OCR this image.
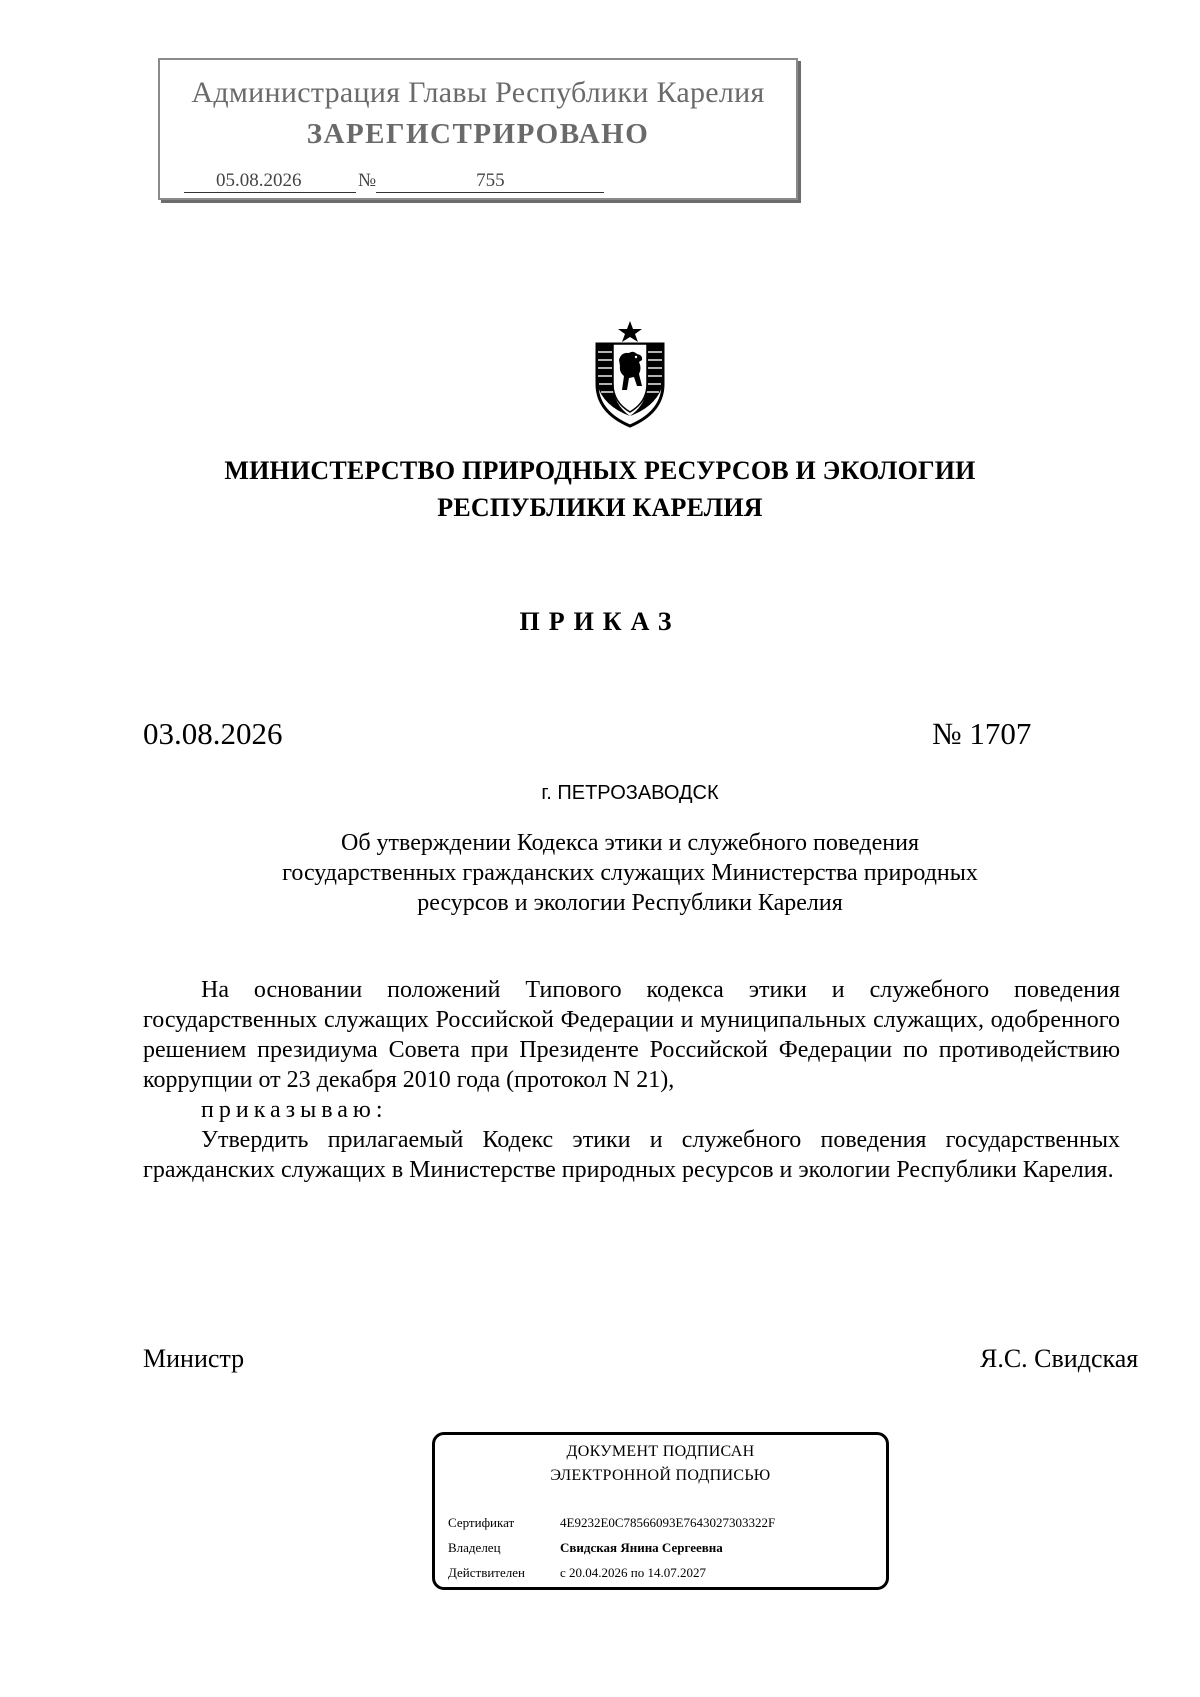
Администрация Главы Республики Карелия
ЗАРЕГИСТРИРОВАНО
05.08.2026	№	755
МИНИСТЕРСТВО ПРИРОДНЫХ РЕСУРСОВ И ЭКОЛОГИИ
РЕСПУБЛИКИ КАРЕЛИЯ
ПРИКАЗ
03.08.2026	№ 1707
г. ПЕТРОЗАВОДСК
Об утверждении Кодекса этики и служебного поведения
государственных гражданских служащих Министерства природных
ресурсов и экологии Республики Карелия

На основании положений Типового кодекса этики и служебного поведения государственных служащих Российской Федерации и муниципальных служащих, одобренного решением президиума Совета при Президенте Российской Федерации по противодействию коррупции от 23 декабря 2010 года (протокол N 21),

приказываю:

Утвердить прилагаемый Кодекс этики и служебного поведения государственных гражданских служащих в Министерстве природных ресурсов и экологии Республики Карелия.

Министр	Я.С. Свидская
ДОКУМЕНТ ПОДПИСАН
ЭЛЕКТРОННОЙ ПОДПИСЬЮ
Сертификат	4E9232E0C78566093E7643027303322F
Владелец	Свидская Янина Сергеевна
Действителен	с 20.04.2026 по 14.07.2027
